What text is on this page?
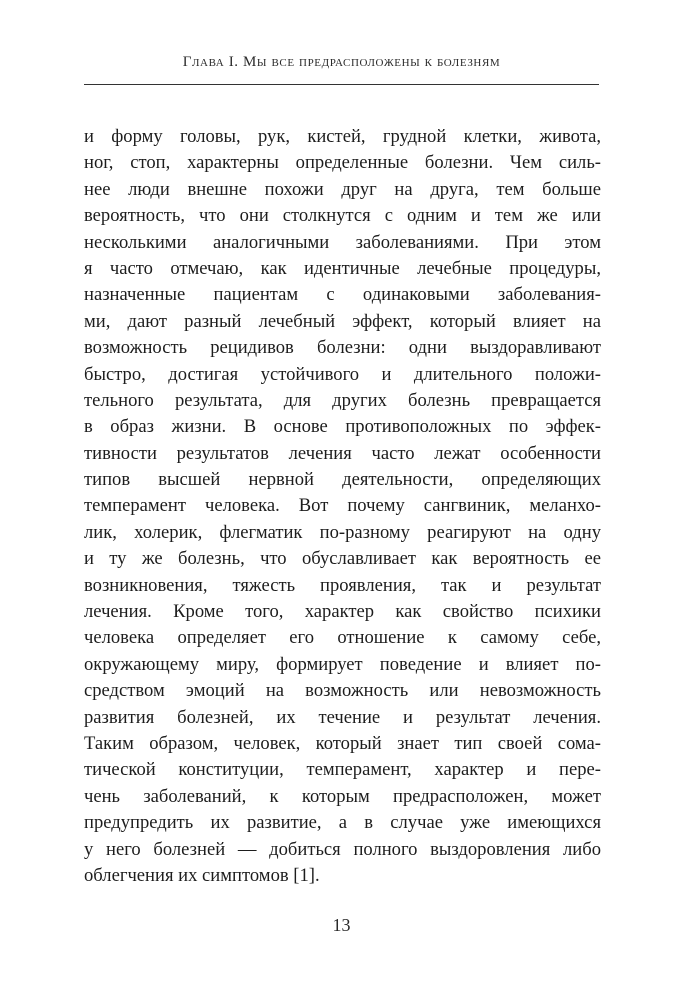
Глава I. Мы все предрасположены к болезням
и форму головы, рук, кистей, грудной клетки, живота,
ног, стоп, характерны определенные болезни. Чем силь-
нее люди внешне похожи друг на друга, тем больше
вероятность, что они столкнутся с одним и тем же или
несколькими аналогичными заболеваниями. При этом
я часто отмечаю, как идентичные лечебные процедуры,
назначенные пациентам с одинаковыми заболевания-
ми, дают разный лечебный эффект, который влияет на
возможность рецидивов болезни: одни выздоравливают
быстро, достигая устойчивого и длительного положи-
тельного результата, для других болезнь превращается
в образ жизни. В основе противоположных по эффек-
тивности результатов лечения часто лежат особенности
типов высшей нервной деятельности, определяющих
темперамент человека. Вот почему сангвиник, меланхо-
лик, холерик, флегматик по-разному реагируют на одну
и ту же болезнь, что обуславливает как вероятность ее
возникновения, тяжесть проявления, так и результат
лечения. Кроме того, характер как свойство психики
человека определяет его отношение к самому себе,
окружающему миру, формирует поведение и влияет по-
средством эмоций на возможность или невозможность
развития болезней, их течение и результат лечения.
Таким образом, человек, который знает тип своей сома-
тической конституции, темперамент, характер и пере-
чень заболеваний, к которым предрасположен, может
предупредить их развитие, а в случае уже имеющихся
у него болезней — добиться полного выздоровления либо
облегчения их симптомов [1].
13
